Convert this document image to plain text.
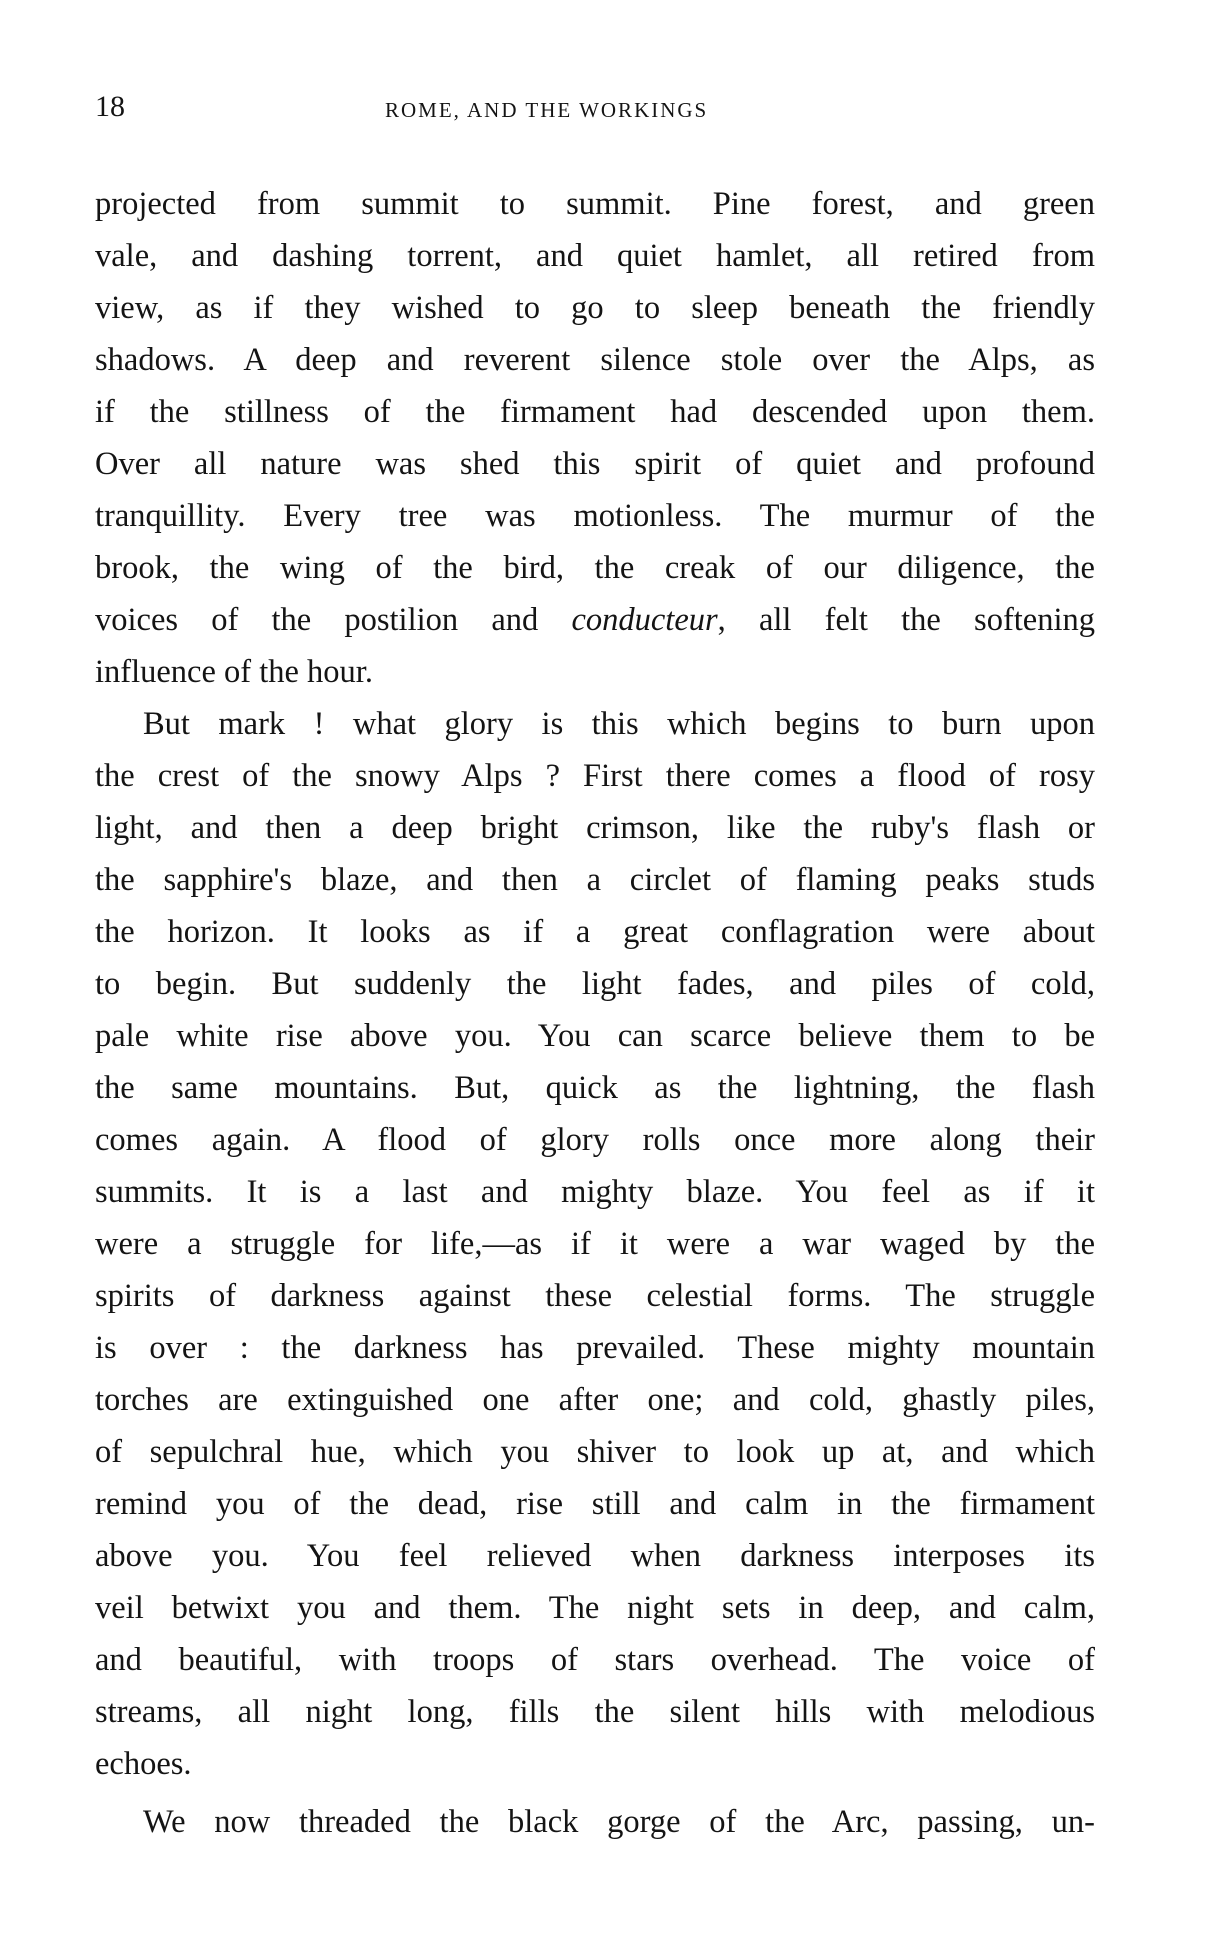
18	ROME, AND THE WORKINGS
projected from summit to summit. Pine forest, and green
vale, and dashing torrent, and quiet hamlet, all retired from
view, as if they wished to go to sleep beneath the friendly
shadows. A deep and reverent silence stole over the Alps, as
if the stillness of the firmament had descended upon them.
Over all nature was shed this spirit of quiet and profound
tranquillity. Every tree was motionless. The murmur of the
brook, the wing of the bird, the creak of our diligence, the
voices of the postilion and conducteur, all felt the softening
influence of the hour.
But mark ! what glory is this which begins to burn upon
the crest of the snowy Alps ? First there comes a flood of rosy
light, and then a deep bright crimson, like the ruby's flash or
the sapphire's blaze, and then a circlet of flaming peaks studs
the horizon. It looks as if a great conflagration were about
to begin. But suddenly the light fades, and piles of cold,
pale white rise above you. You can scarce believe them to be
the same mountains. But, quick as the lightning, the flash
comes again. A flood of glory rolls once more along their
summits. It is a last and mighty blaze. You feel as if it
were a struggle for life,—as if it were a war waged by the
spirits of darkness against these celestial forms. The struggle
is over : the darkness has prevailed. These mighty mountain
torches are extinguished one after one; and cold, ghastly piles,
of sepulchral hue, which you shiver to look up at, and which
remind you of the dead, rise still and calm in the firmament
above you. You feel relieved when darkness interposes its
veil betwixt you and them. The night sets in deep, and calm,
and beautiful, with troops of stars overhead. The voice of
streams, all night long, fills the silent hills with melodious
echoes.
We now threaded the black gorge of the Arc, passing, un-
